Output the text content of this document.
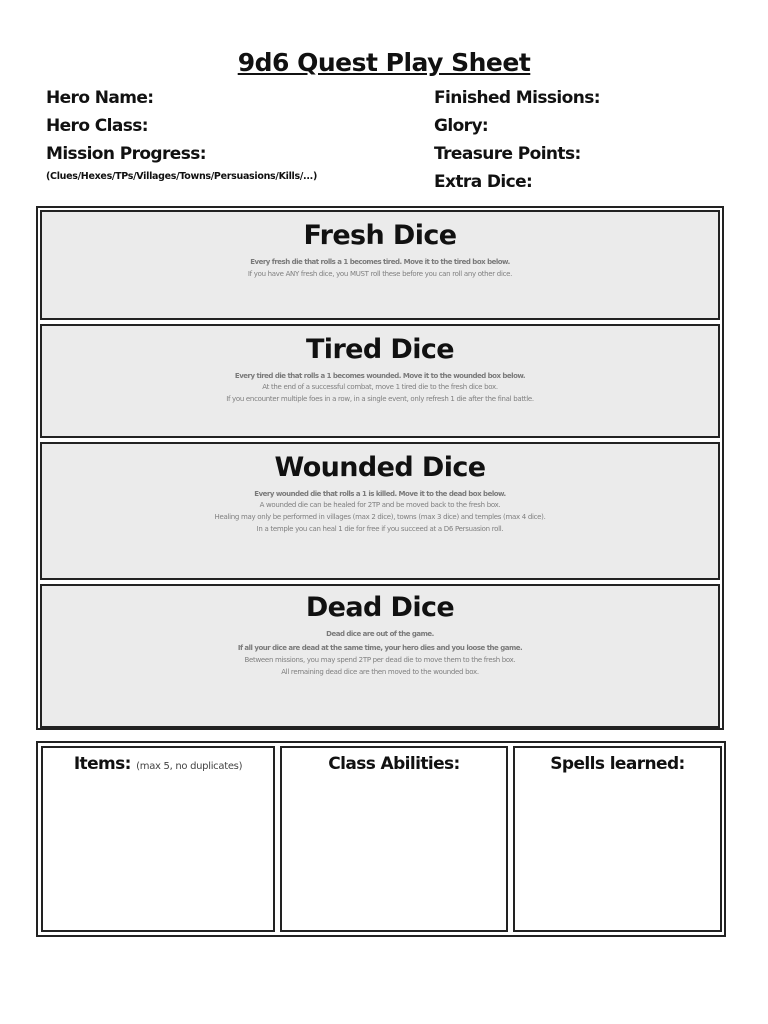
9d6 Quest Play Sheet
Hero Name:
Hero Class:
Mission Progress:
(Clues/Hexes/TPs/Villages/Towns/Persuasions/Kills/...)
Finished Missions:
Glory:
Treasure Points:
Extra Dice:
Fresh Dice
Every fresh die that rolls a 1 becomes tired. Move it to the tired box below.
If you have ANY fresh dice, you MUST roll these before you can roll any other dice.
Tired Dice
Every tired die that rolls a 1 becomes wounded. Move it to the wounded box below.
At the end of a successful combat, move 1 tired die to the fresh dice box.
If you encounter multiple foes in a row, in a single event, only refresh 1 die after the final battle.
Wounded Dice
Every wounded die that rolls a 1 is killed. Move it to the dead box below.
A wounded die can be healed for 2TP and be moved back to the fresh box.
Healing may only be performed in villages (max 2 dice), towns (max 3 dice) and temples (max 4 dice).
In a temple you can heal 1 die for free if you succeed at a D6 Persuasion roll.
Dead Dice
Dead dice are out of the game.
If all your dice are dead at the same time, your hero dies and you loose the game.
Between missions, you may spend 2TP per dead die to move them to the fresh box.
All remaining dead dice are then moved to the wounded box.
Items: (max 5, no duplicates)	Class Abilities:	Spells learned:
